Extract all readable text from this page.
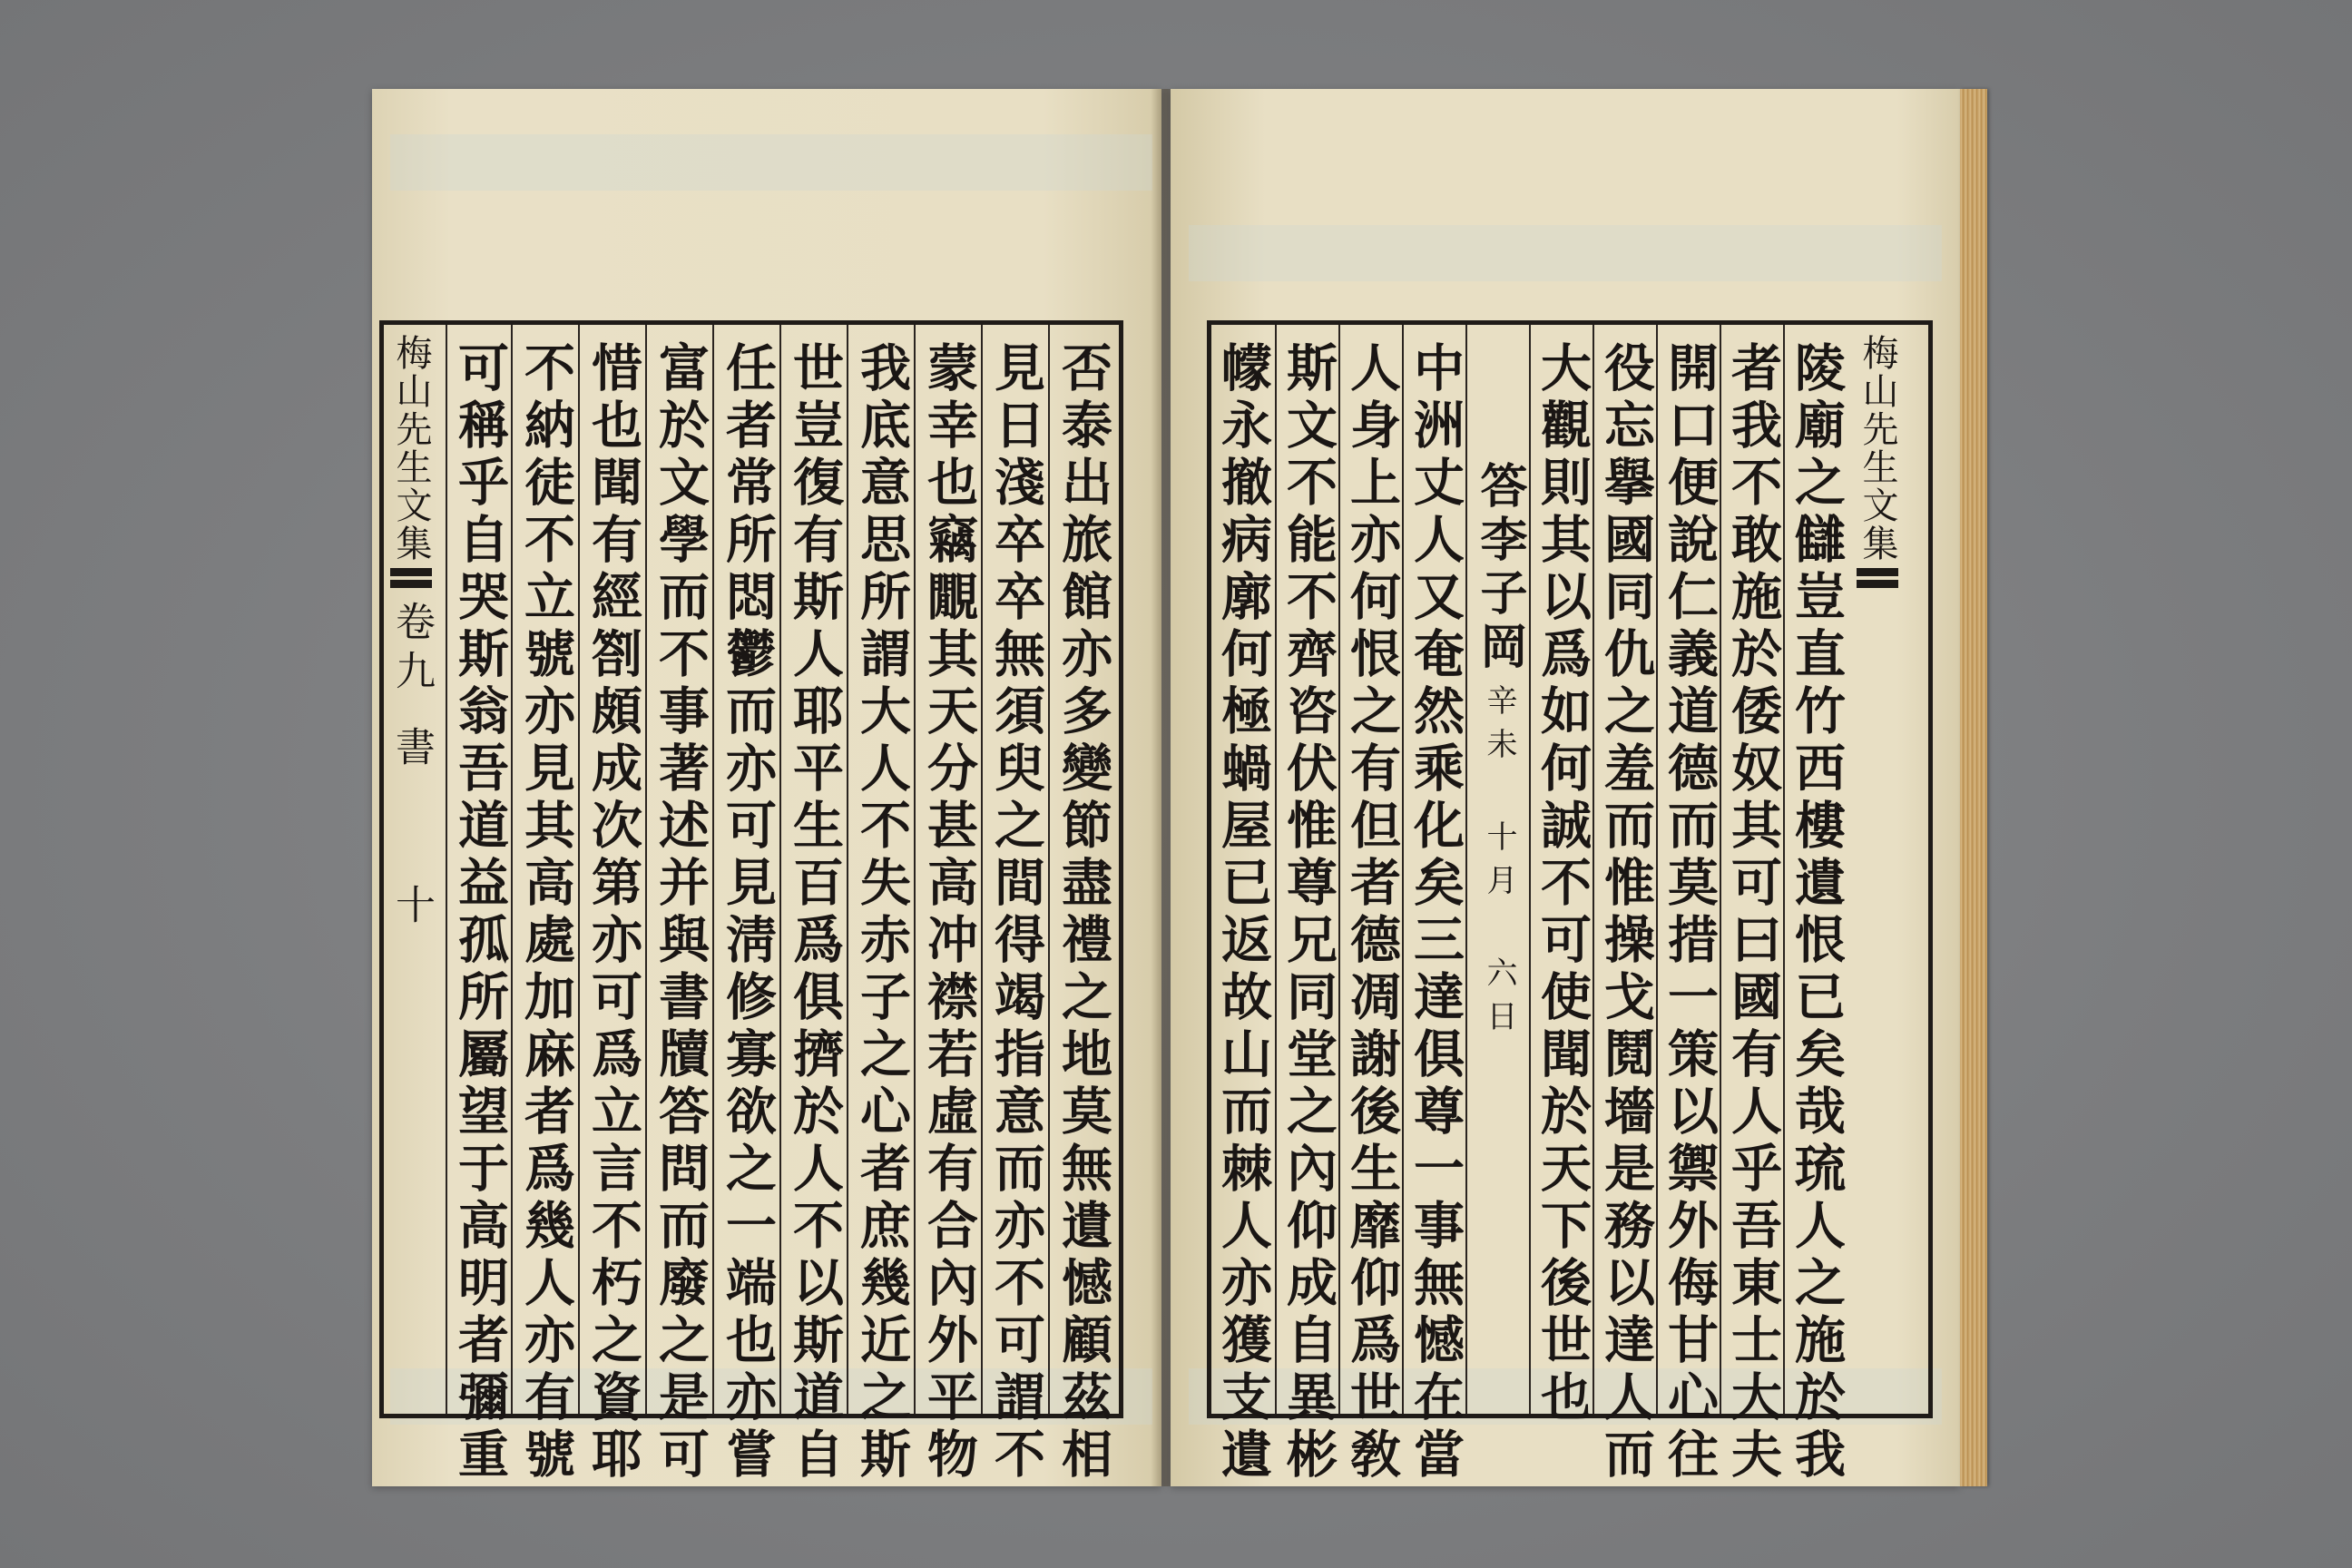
梅山先生文集
卷九
書
十 可稱乎自哭斯翁吾道益孤所屬望于高明者彌重 不納徒不立號亦見其高處加麻者爲幾人亦有號 惜也聞有經劄頗成次第亦可爲立言不朽之資耶 富於文學而不事著述并與書牘答問而廢之是可 任者常所悶鬱而亦可見淸修寡欲之一端也亦嘗 世豈復有斯人耶平生百爲俱擠於人不以斯道自 我底意思所謂大人不失赤子之心者庶幾近之斯 蒙幸也竊覵其天分甚高冲襟若虛有合內外平物 見日淺卒卒無須臾之間得竭指意而亦不可謂不 否泰出旅館亦多變節盡禮之地莫無遺憾顧茲相 幪永撤病廓何極蝸屋已返故山而棘人亦獲支遺 斯文不能不齊咨伏惟尊兄同堂之內仰成自異彬 人身上亦何恨之有但者德凋謝後生靡仰爲世敎 中洲丈人又奄然乘化矣三達俱尊一事無憾在當 答李子岡
辛未 十月 六日 大觀則其以爲如何誠不可使聞於天下後世也 役忘擧國同仇之羞而惟操戈鬩墻是務以達人而 開口便說仁義道德而莫措一策以禦外侮甘心往 者我不敢施於倭奴其可曰國有人乎吾東士大夫 陵廟之讎豈直竹西樓遺恨已矣哉琉人之施於我 梅山先生文集
